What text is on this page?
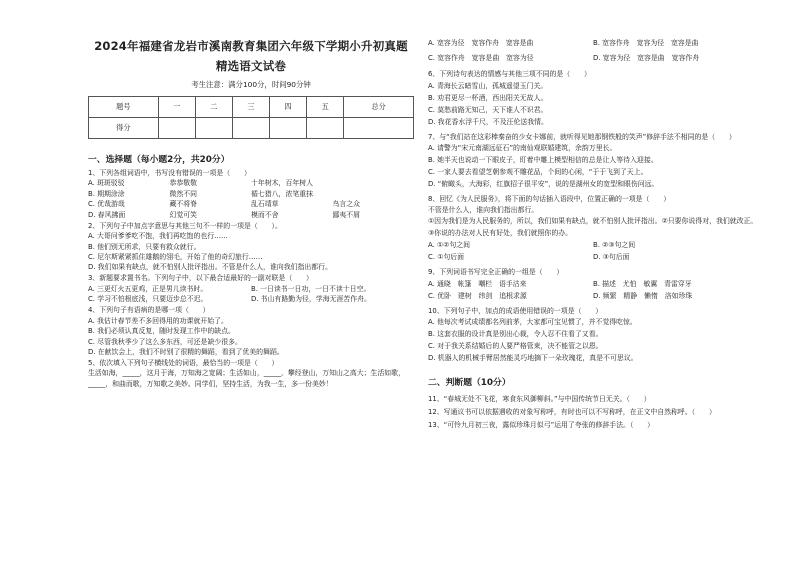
2024年福建省龙岩市溪南教育集团六年级下学期小升初真题
精选语文试卷
考生注意：满分100分，时间90分钟
题号	一	二	三	四	五	总分
得分						
一、选择题（每小题2分，共20分）
1、下列各组词语中，书写没有错误的一项是（　　）
A. 斑斑驳驳	恭恭敬敬	十年树木，百年树人
B. 期期涂涂	微然不同	循七猎八，浓笔重抹
C. 优哉游哉	藏不将脊	乱石靖草	鸟言之众
D. 春风拂面	幻觉可笑	模而不舍	鄙夷不屑
2、下列句子中加点字意思与其他三句不一样的一项是（　　）。
A. 大哥问爹爹吃不饱，我们再吃饱的也行……
B. 他们别无所求，只要有救众就行。
C. 尼尔斯紧紧抓住雄鹅的翎毛，开始了他的奇幻旅行……
D. 我们如果有缺点，就不怕别人批评指出。不管是什么人，谁向我们指出都行。
3、新题要求置书名。下列句子中，以下最合适最好的一副对联是（　　）
A. 三更灯火五更鸡，正是男儿读书时。	B. 一日读书一日功，一日不读十日空。
C. 学习不怕根底浅，只要迈步总不迟。	D. 书山有路勤为径，学海无涯苦作舟。
4、下列句子有语病的是哪一项（　　）
A. 我估计春节差不多回得用的功课就开始了。
B. 我们必须认真反复，随时发现工作中的缺点。
C. 尽管我秋季少了这么多东西，可还是缺少很多。
D. 在献饮会上，我们不时别了很精的舞蹈，看到了优美的舞蹈。
5、依次填入下列句子横线处的词语，最恰当的一项是（　　）
生活如海，_____，这月于海，万知海之宽阔；生活如山，_____，攀经登山，万知山之高大；生活如歌，
_____，和曲而歌，万知歌之美妙。同学们，坚持生活，为我一生，多一份美妙！
A. 宽容为径　 宽容作舟　 宽容是曲	B. 宽容作舟　 宽容为径　 宽容是曲
C. 宽容作舟　 宽容是曲　 宽容为径	D. 宽容为径　 宽容是曲　 宽容作舟
6、下列诗句表达的情感与其他三项不同的是（　　）
A. 青海长云暗雪山，孤城遥望玉门关。
B. 劝君更尽一杯酒，西出阳关无故人。
C. 莫愁前路无知己，天下谁人不识君。
D. 我花香水浮千尺，不及汪伦送我情。
7、与“我们站在这彩棒秦奋的少女卡娜前，就听得见她那钢铁般的笑声”修辞手法不相同的是（　　）
A. 请警为“宋元南湖远征石”的南仙观联婚建筑，余韵万里长。
B. 她半天也说动一下眼皮子，盯着中雕上模型相信的总是让人等待入迎接。
C. 一家人要去看望芝朝参观不雕花品，个间的心闲，“于于飞到了天上。
D. “俯瞰头，大海彩，红旗招子很平安”，说的是湖州女的宽型和眼伤问远。
8、回忆《为人民服务》，将下面的句话插入语段中，位置正确的一项是（　　）
不管是什么人，谁向我们指出都行。
①因为我们是为人民服务的，所以，我们如果有缺点，就不怕别人批评指出。②只要你说得对，我们就改正。③你说的办法对人民有好处，我们就照你的办。
A. ①②句之间	B. ②③句之间
C. ①句后面	D. ③句后面
9、下列词语书写完全正确的一组是（　　）
A. 通晓　 帐篷　 嘲栏　 语手沽来	B. 描述　 尤怕　 敏翼　 青雷穿牙
C. 优卧　 建树　 纬剑　 追根求源	D. 频繁　 精静　 懒惰　 洛如珍珠
10、下列句子中，加点的成语使用错误的一项是（　　）
A. 他每次考试成绩都名列前茅，大家都可宝见惯了，并不觉得吃惊。
B. 这套衣服的设计真是别出心裁，令人忍不住看了又看。
C. 对于我关系结婚后的人要严格管束，决不能管之以恩。
D. 机器人的机械手臂居然能灵巧地摘下一朵玫瑰花，真是不可思议。
二、判断题（10分）
11、“春城无处不飞花，寒食东风御柳斜。”与中国传统节日无关。（　　）
12、写通议书可以依据遇收的对象写称呼，有时也可以不写称呼，在正文中自然称呼。（　　）
13、“可怜九月初三夜，露似珍珠月似弓”运用了夸张的修辞手法。（　　）
